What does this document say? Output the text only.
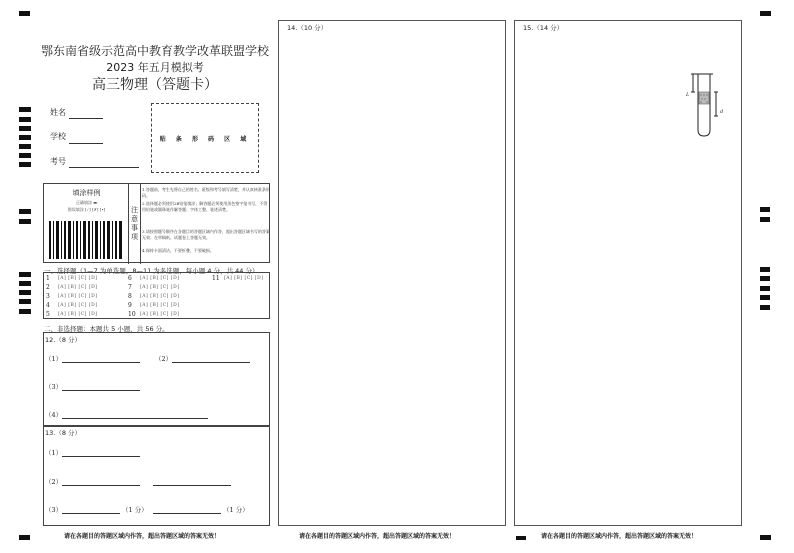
鄂东南省级示范高中教育教学改革联盟学校
2023 年五月模拟考
高三物理（答题卡）
姓名
学校
考号
贴 条 形 码 区 域
填涂样例
正确填涂 ▬
错误填涂 [✓] [✗] [•]	注意事项
1.答题前，考生先将自己的姓名、班级和考号填写清楚，并认真核准条形码。
2.选择题必须使用2B铅笔填涂；解答题必须使用黑色签字笔书写，不得用铅笔或圆珠笔作解答题；字体工整、笔迹清楚。
3.请按照题号顺序在各题目的答题区域内作答，超出答题区域书写的答案无效；在草稿纸、试题卷上答题无效。
4.保持卡面清洁，不要折叠、不要破损。
一、选择题（1—7 为单选题，8—11 为多选题，每小题 4 分，共 44 分）
1 [A] [B] [C] [D]
2 [A] [B] [C] [D]
3 [A] [B] [C] [D]
4 [A] [B] [C] [D]
5 [A] [B] [C] [D]
6 [A] [B] [C] [D]
7 [A] [B] [C] [D]
8 [A] [B] [C] [D]
9 [A] [B] [C] [D]
10 [A] [B] [C] [D]
11 [A] [B] [C] [D]
二、非选择题：本题共 5 小题，共 56 分。
12.（8 分）
（1）	（2）
（3）
（4）
13.（8 分）
（1）
（2）
（3）	（1 分）	（1 分）
请在各题目的答题区域内作答，超出答题区域的答案无效！
14.（10 分）
请在各题目的答题区域内作答，超出答题区域的答案无效！
15.（14 分）
L
d
请在各题目的答题区域内作答，超出答题区域的答案无效！
